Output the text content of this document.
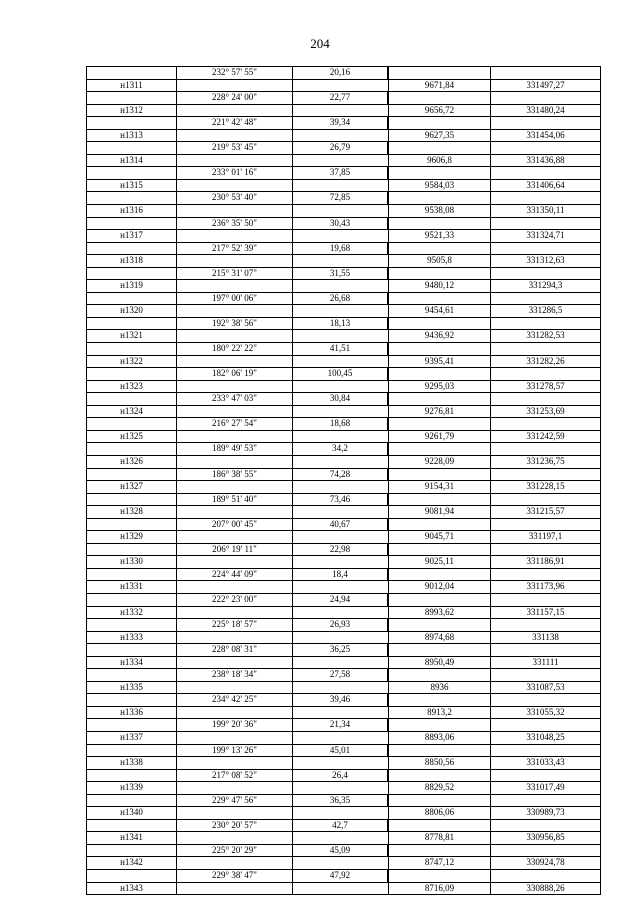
204
232° 57' 55"	20,16
н1311	9671,84	331497,27
228° 24' 00"	22,77
н1312	9656,72	331480,24
221° 42' 48"	39,34
н1313	9627,35	331454,06
219° 53' 45"	26,79
н1314	9606,8	331436,88
233° 01' 16"	37,85
н1315	9584,03	331406,64
230° 53' 40"	72,85
н1316	9538,08	331350,11
236° 35' 50"	30,43
н1317	9521,33	331324,71
217° 52' 39"	19,68
н1318	9505,8	331312,63
215° 31' 07"	31,55
н1319	9480,12	331294,3
197° 00' 06"	26,68
н1320	9454,61	331286,5
192° 38' 56"	18,13
н1321	9436,92	331282,53
180° 22' 22"	41,51
н1322	9395,41	331282,26
182° 06' 19"	100,45
н1323	9295,03	331278,57
233° 47' 03"	30,84
н1324	9276,81	331253,69
216° 27' 54"	18,68
н1325	9261,79	331242,59
189° 49' 53"	34,2
н1326	9228,09	331236,75
186° 38' 55"	74,28
н1327	9154,31	331228,15
189° 51' 40"	73,46
н1328	9081,94	331215,57
207° 00' 45"	40,67
н1329	9045,71	331197,1
206° 19' 11"	22,98
н1330	9025,11	331186,91
224° 44' 09"	18,4
н1331	9012,04	331173,96
222° 23' 00"	24,94
н1332	8993,62	331157,15
225° 18' 57"	26,93
н1333	8974,68	331138
228° 08' 31"	36,25
н1334	8950,49	331111
238° 18' 34"	27,58
н1335	8936	331087,53
234° 42' 25"	39,46
н1336	8913,2	331055,32
199° 20' 36"	21,34
н1337	8893,06	331048,25
199° 13' 26"	45,01
н1338	8850,56	331033,43
217° 08' 52"	26,4
н1339	8829,52	331017,49
229° 47' 56"	36,35
н1340	8806,06	330989,73
230° 20' 57"	42,7
н1341	8778,81	330956,85
225° 20' 29"	45,09
н1342	8747,12	330924,78
229° 38' 47"	47,92
н1343	8716,09	330888,26
